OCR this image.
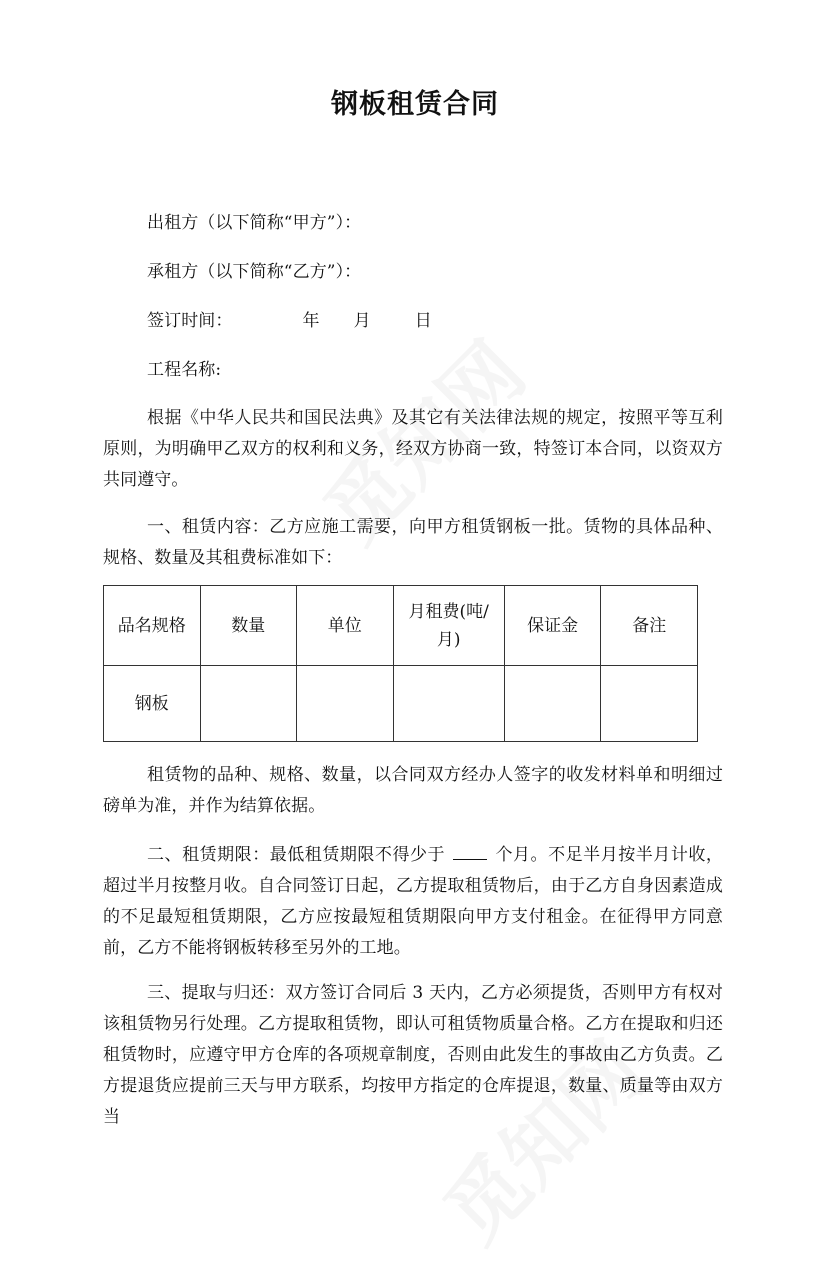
钢板租赁合同
出租方（以下简称“甲方”）：
承租方（以下简称“乙方”）：
签订时间：	年 月	日
工程名称:
根据《中华人民共和国民法典》及其它有关法律法规的规定，按照平等互利原则，为明确甲乙双方的权利和义务，经双方协商一致，特签订本合同，以资双方共同遵守。
一、租赁内容：乙方应施工需要，向甲方租赁钢板一批。赁物的具体品种、规格、数量及其租费标准如下：
品名规格	数量	单位	月租费(吨/月)	保证金	备注
钢板					
租赁物的品种、规格、数量，以合同双方经办人签字的收发材料单和明细过磅单为准，并作为结算依据。
二、租赁期限：最低租赁期限不得少于	个月。不足半月按半月计收，超过半月按整月收。自合同签订日起，乙方提取租赁物后，由于乙方自身因素造成的不足最短租赁期限，乙方应按最短租赁期限向甲方支付租金。在征得甲方同意前，乙方不能将钢板转移至另外的工地。
三、提取与归还：双方签订合同后 3 天内，乙方必须提货，否则甲方有权对该租赁物另行处理。乙方提取租赁物，即认可租赁物质量合格。乙方在提取和归还租赁物时，应遵守甲方仓库的各项规章制度，否则由此发生的事故由乙方负责。乙方提退货应提前三天与甲方联系，均按甲方指定的仓库提退，数量、质量等由双方当
